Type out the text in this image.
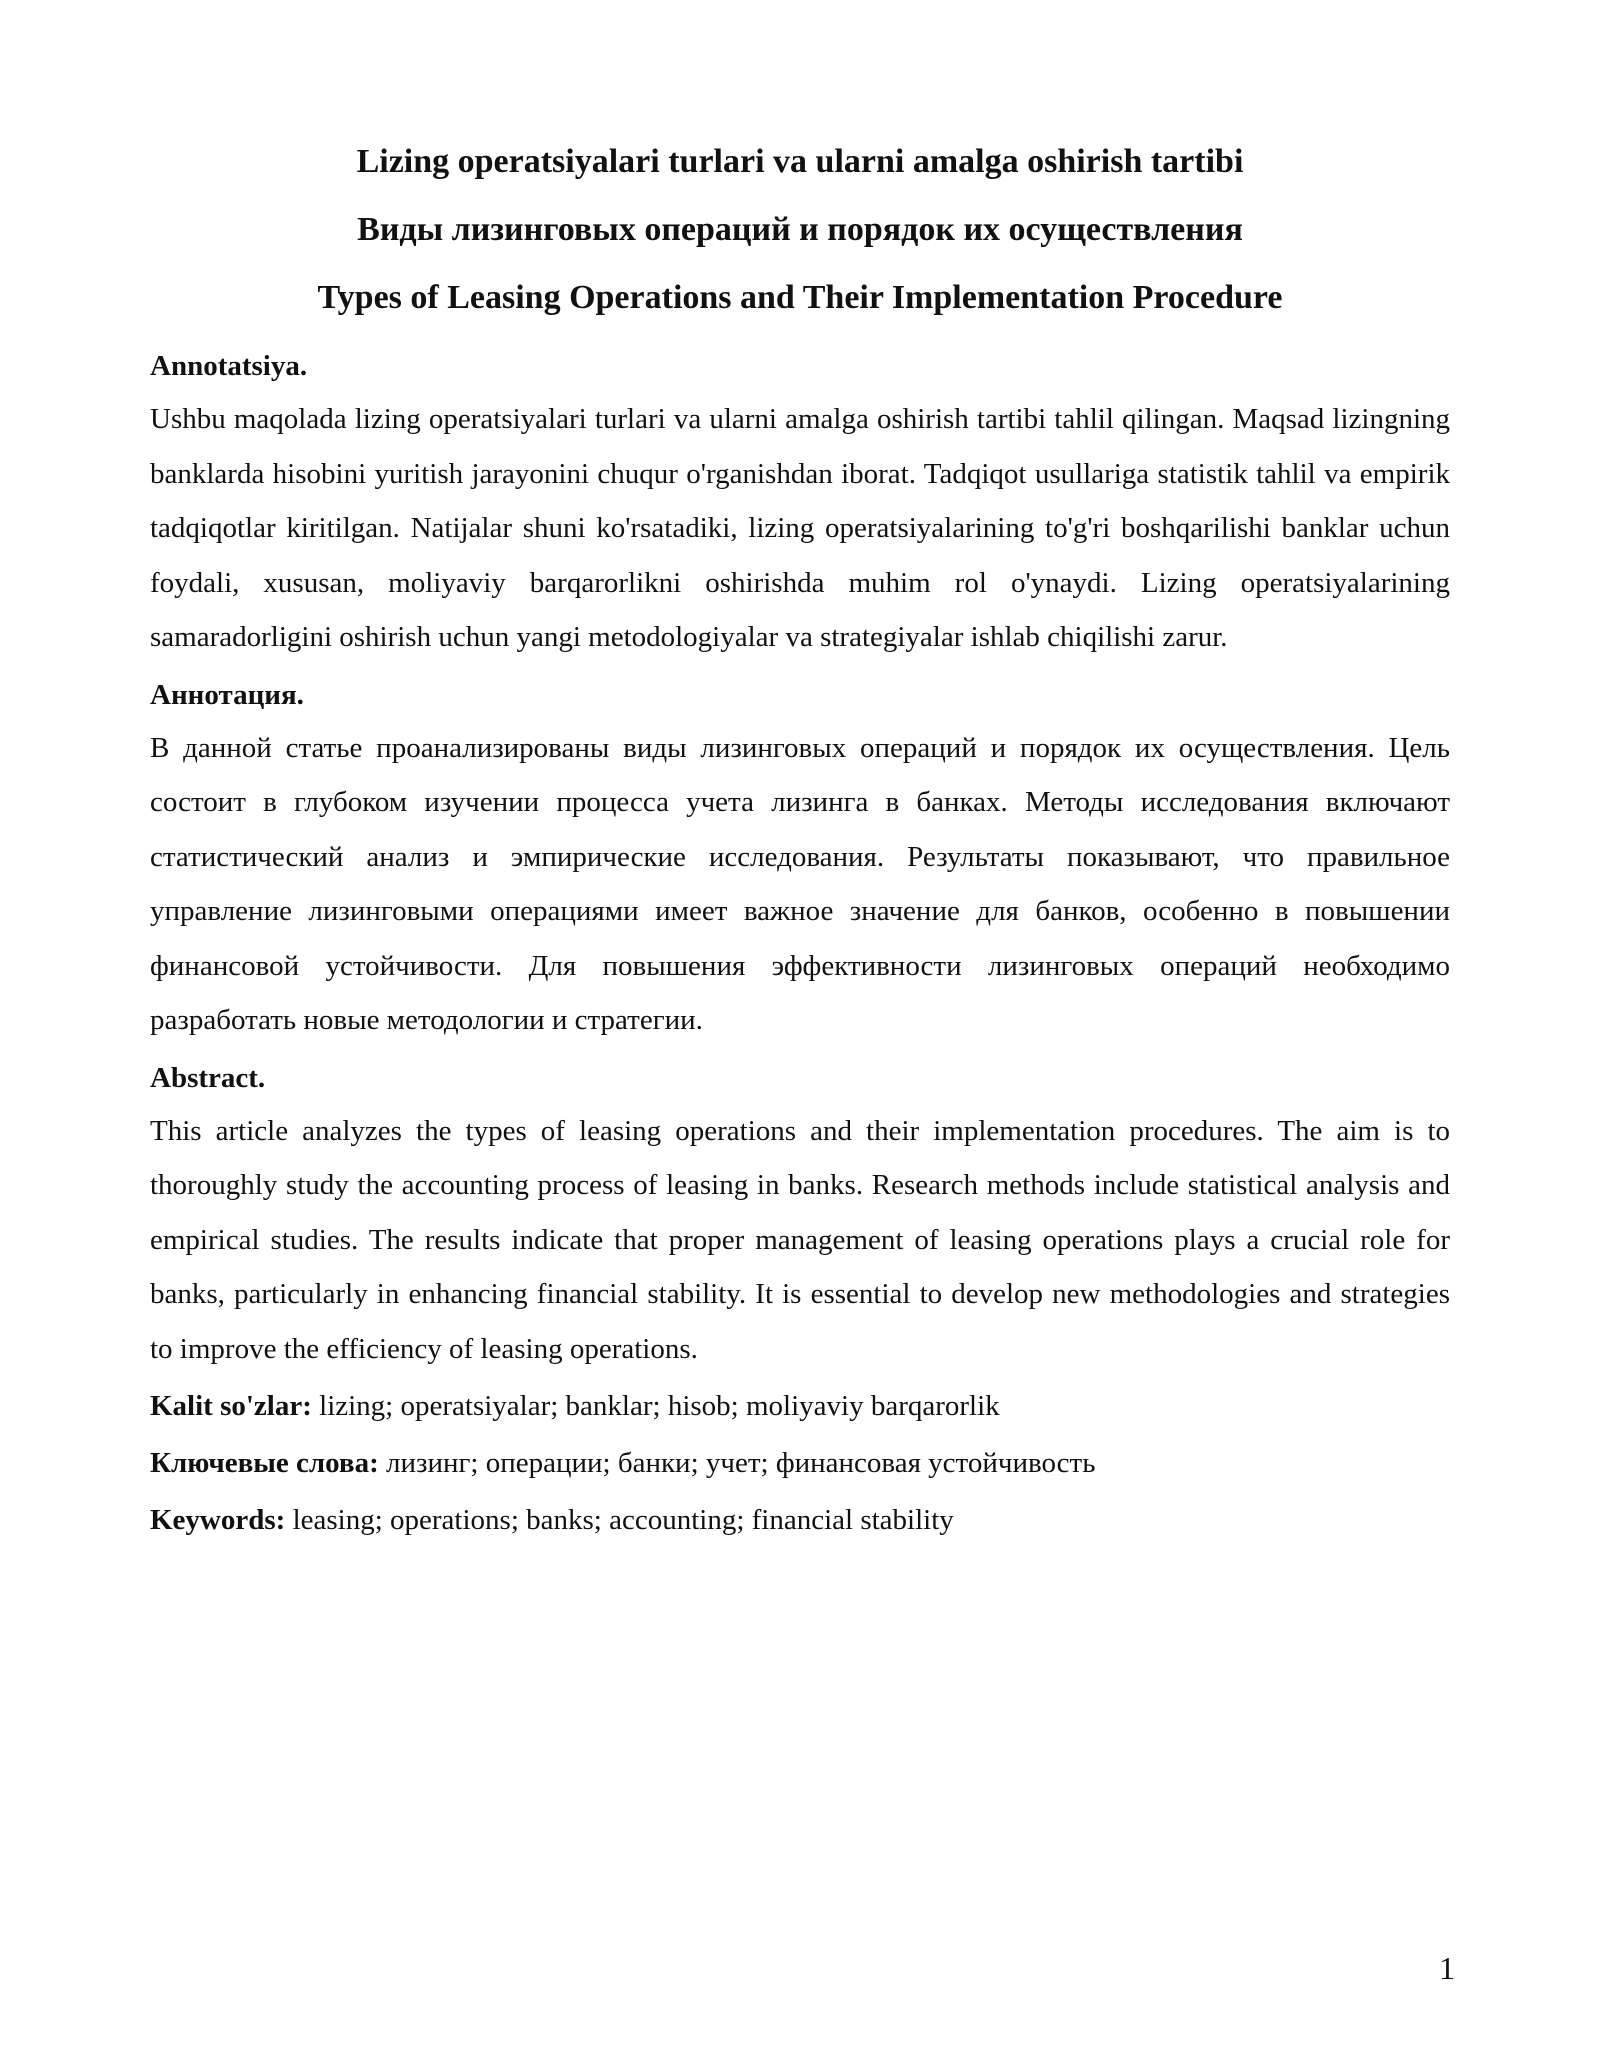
Lizing operatsiyalari turlari va ularni amalga oshirish tartibi
Виды лизинговых операций и порядок их осуществления
Types of Leasing Operations and Their Implementation Procedure
Annotatsiya.

Ushbu maqolada lizing operatsiyalari turlari va ularni amalga oshirish tartibi tahlil qilingan. Maqsad lizingning banklarda hisobini yuritish jarayonini chuqur o'rganishdan iborat. Tadqiqot usullariga statistik tahlil va empirik tadqiqotlar kiritilgan. Natijalar shuni ko'rsatadiki, lizing operatsiyalarining to'g'ri boshqarilishi banklar uchun foydali, xususan, moliyaviy barqarorlikni oshirishda muhim rol o'ynaydi. Lizing operatsiyalarining samaradorligini oshirish uchun yangi metodologiyalar va strategiyalar ishlab chiqilishi zarur.

Аннотация.

В данной статье проанализированы виды лизинговых операций и порядок их осуществления. Цель состоит в глубоком изучении процесса учета лизинга в банках. Методы исследования включают статистический анализ и эмпирические исследования. Результаты показывают, что правильное управление лизинговыми операциями имеет важное значение для банков, особенно в повышении финансовой устойчивости. Для повышения эффективности лизинговых операций необходимо разработать новые методологии и стратегии.

Abstract.

This article analyzes the types of leasing operations and their implementation procedures. The aim is to thoroughly study the accounting process of leasing in banks. Research methods include statistical analysis and empirical studies. The results indicate that proper management of leasing operations plays a crucial role for banks, particularly in enhancing financial stability. It is essential to develop new methodologies and strategies to improve the efficiency of leasing operations.

Kalit so'zlar: lizing; operatsiyalar; banklar; hisob; moliyaviy barqarorlik
Ключевые слова: лизинг; операции; банки; учет; финансовая устойчивость
Keywords: leasing; operations; banks; accounting; financial stability
1
